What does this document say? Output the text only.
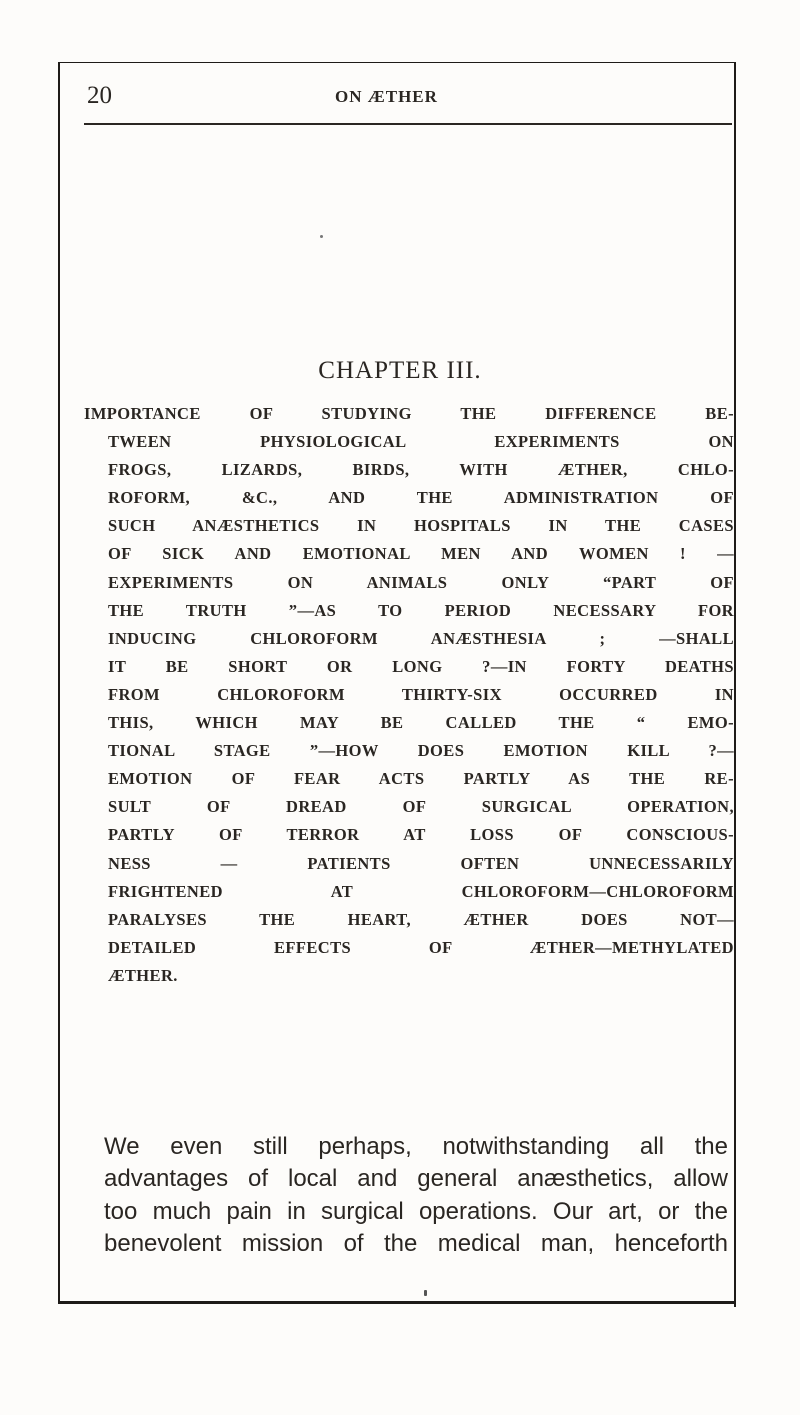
20	ON ÆTHER
CHAPTER III.
IMPORTANCE OF STUDYING THE DIFFERENCE BE-
TWEEN PHYSIOLOGICAL EXPERIMENTS ON
FROGS, LIZARDS, BIRDS, WITH ÆTHER, CHLO-
ROFORM, &C., AND THE ADMINISTRATION OF
SUCH ANÆSTHETICS IN HOSPITALS IN THE CASES
OF SICK AND EMOTIONAL MEN AND WOMEN ! —
EXPERIMENTS ON ANIMALS ONLY “PART OF
THE TRUTH ”—AS TO PERIOD NECESSARY FOR
INDUCING CHLOROFORM ANÆSTHESIA ; —SHALL
IT BE SHORT OR LONG ?—IN FORTY DEATHS
FROM CHLOROFORM THIRTY-SIX OCCURRED IN
THIS, WHICH MAY BE CALLED THE “ EMO-
TIONAL STAGE ”—HOW DOES EMOTION KILL ?—
EMOTION OF FEAR ACTS PARTLY AS THE RE-
SULT OF DREAD OF SURGICAL OPERATION,
PARTLY OF TERROR AT LOSS OF CONSCIOUS-
NESS — PATIENTS OFTEN UNNECESSARILY
FRIGHTENED AT CHLOROFORM—CHLOROFORM
PARALYSES THE HEART, ÆTHER DOES NOT—
DETAILED EFFECTS OF ÆTHER—METHYLATED
ÆTHER.
We even still perhaps, notwithstanding all the
advantages of local and general anæsthetics, allow
too much pain in surgical operations. Our art, or the
benevolent mission of the medical man, henceforth
